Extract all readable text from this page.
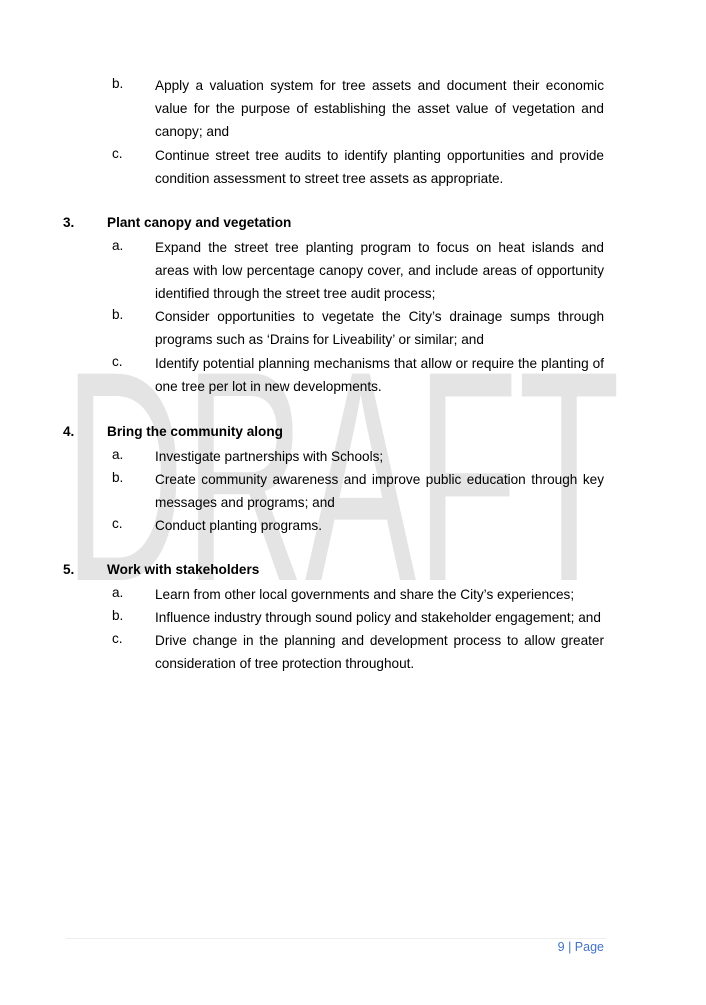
DRAFT
b. Apply a valuation system for tree assets and document their economic value for the purpose of establishing the asset value of vegetation and canopy; and
c. Continue street tree audits to identify planting opportunities and provide condition assessment to street tree assets as appropriate.
3. Plant canopy and vegetation
a. Expand the street tree planting program to focus on heat islands and areas with low percentage canopy cover, and include areas of opportunity identified through the street tree audit process;
b. Consider opportunities to vegetate the City’s drainage sumps through programs such as ‘Drains for Liveability’ or similar; and
c. Identify potential planning mechanisms that allow or require the planting of one tree per lot in new developments.
4. Bring the community along
a. Investigate partnerships with Schools;
b. Create community awareness and improve public education through key messages and programs; and
c. Conduct planting programs.
5. Work with stakeholders
a. Learn from other local governments and share the City’s experiences;
b. Influence industry through sound policy and stakeholder engagement; and
c. Drive change in the planning and development process to allow greater consideration of tree protection throughout.
9 | Page
